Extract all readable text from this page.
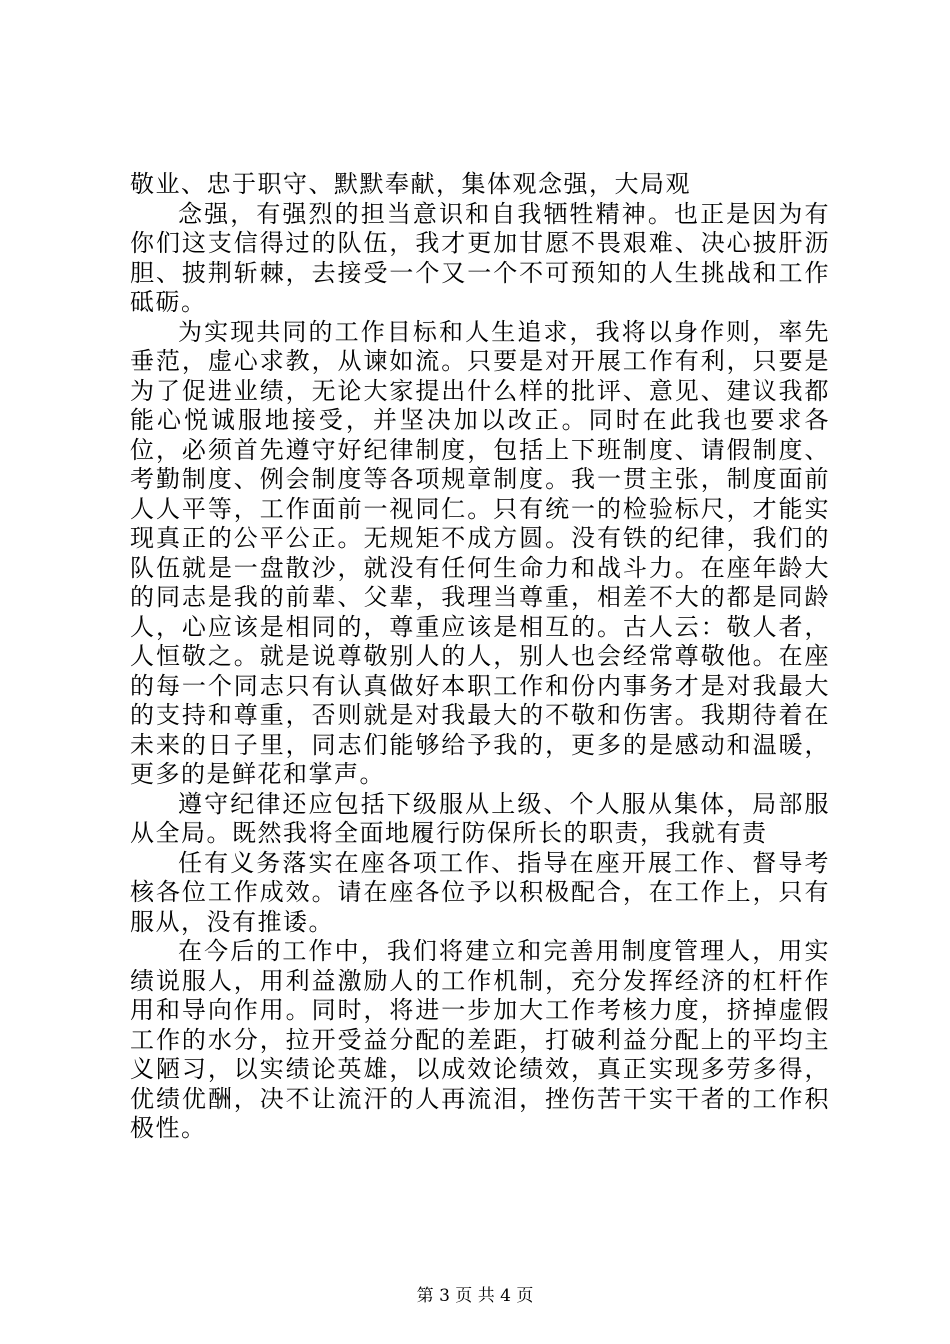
敬业、忠于职守、默默奉献，集体观念强，大局观

念强，有强烈的担当意识和自我牺牲精神。也正是因为有你们这支信得过的队伍，我才更加甘愿不畏艰难、决心披肝沥胆、披荆斩棘，去接受一个又一个不可预知的人生挑战和工作砥砺。

为实现共同的工作目标和人生追求，我将以身作则，率先垂范，虚心求教，从谏如流。只要是对开展工作有利，只要是为了促进业绩，无论大家提出什么样的批评、意见、建议我都能心悦诚服地接受，并坚决加以改正。同时在此我也要求各位，必须首先遵守好纪律制度，包括上下班制度、请假制度、考勤制度、例会制度等各项规章制度。我一贯主张，制度面前人人平等，工作面前一视同仁。只有统一的检验标尺，才能实现真正的公平公正。无规矩不成方圆。没有铁的纪律，我们的队伍就是一盘散沙，就没有任何生命力和战斗力。在座年龄大的同志是我的前辈、父辈，我理当尊重，相差不大的都是同龄人，心应该是相同的，尊重应该是相互的。古人云：敬人者，人恒敬之。就是说尊敬别人的人，别人也会经常尊敬他。在座的每一个同志只有认真做好本职工作和份内事务才是对我最大的支持和尊重，否则就是对我最大的不敬和伤害。我期待着在未来的日子里，同志们能够给予我的，更多的是感动和温暖，更多的是鲜花和掌声。

遵守纪律还应包括下级服从上级、个人服从集体，局部服从全局。既然我将全面地履行防保所长的职责，我就有责

任有义务落实在座各项工作、指导在座开展工作、督导考核各位工作成效。请在座各位予以积极配合，在工作上，只有服从，没有推诿。

在今后的工作中，我们将建立和完善用制度管理人，用实绩说服人，用利益激励人的工作机制，充分发挥经济的杠杆作用和导向作用。同时，将进一步加大工作考核力度，挤掉虚假工作的水分，拉开受益分配的差距，打破利益分配上的平均主义陋习，以实绩论英雄，以成效论绩效，真正实现多劳多得，优绩优酬，决不让流汗的人再流泪，挫伤苦干实干者的工作积极性。

第 3 页 共 4 页
